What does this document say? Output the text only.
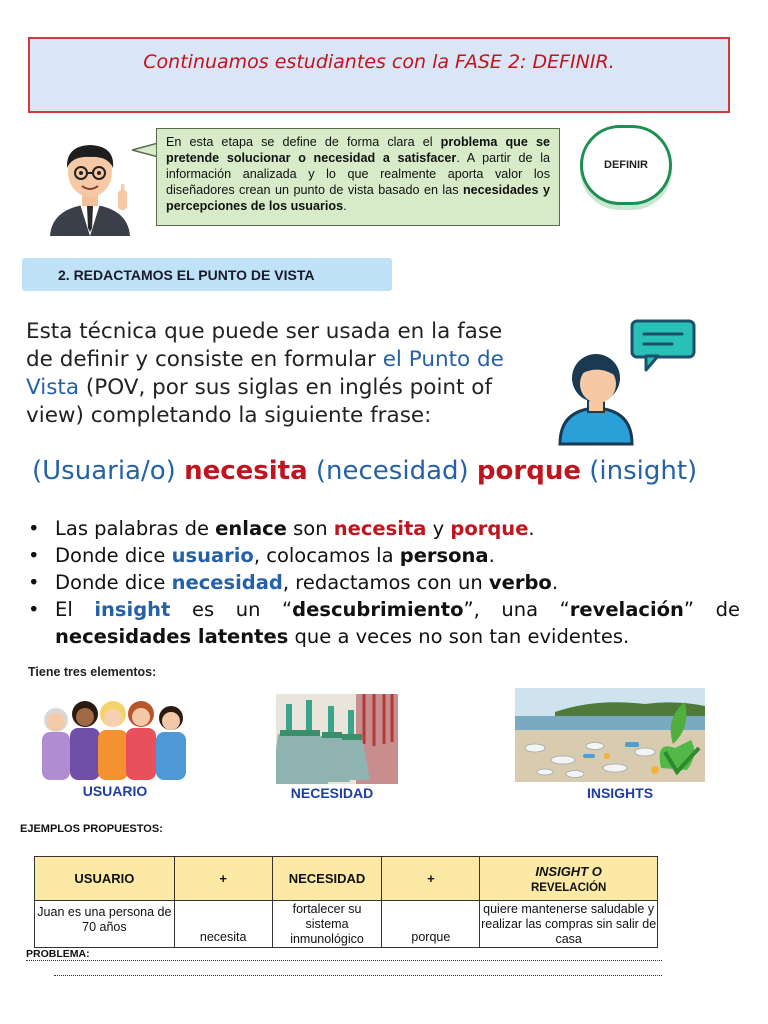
Continuamos estudiantes con la FASE 2: DEFINIR.
En esta etapa se define de forma clara el problema que se pretende solucionar o necesidad a satisfacer. A partir de la información analizada y lo que realmente aporta valor los diseñadores crean un punto de vista basado en las necesidades y percepciones de los usuarios.
DEFINIR
2. REDACTAMOS EL PUNTO DE VISTA
Esta técnica que puede ser usada en la fase de definir y consiste en formular el Punto de Vista (POV, por sus siglas en inglés point of view) completando la siguiente frase:
(Usuaria/o) necesita (necesidad) porque (insight)
• Las palabras de enlace son necesita y porque.
• Donde dice usuario, colocamos la persona.
• Donde dice necesidad, redactamos con un verbo.
• El insight es un “descubrimiento”, una “revelación” de necesidades latentes que a veces no son tan evidentes.
Tiene tres elementos:
USUARIO	NECESIDAD	INSIGHTS
EJEMPLOS PROPUESTOS:
USUARIO	+	NECESIDAD	+	INSIGHT O
REVELACIÓN
Juan es una persona de 70 años	necesita	fortalecer su sistema inmunológico	porque	quiere mantenerse saludable y realizar las compras sin salir de casa
PROBLEMA:
